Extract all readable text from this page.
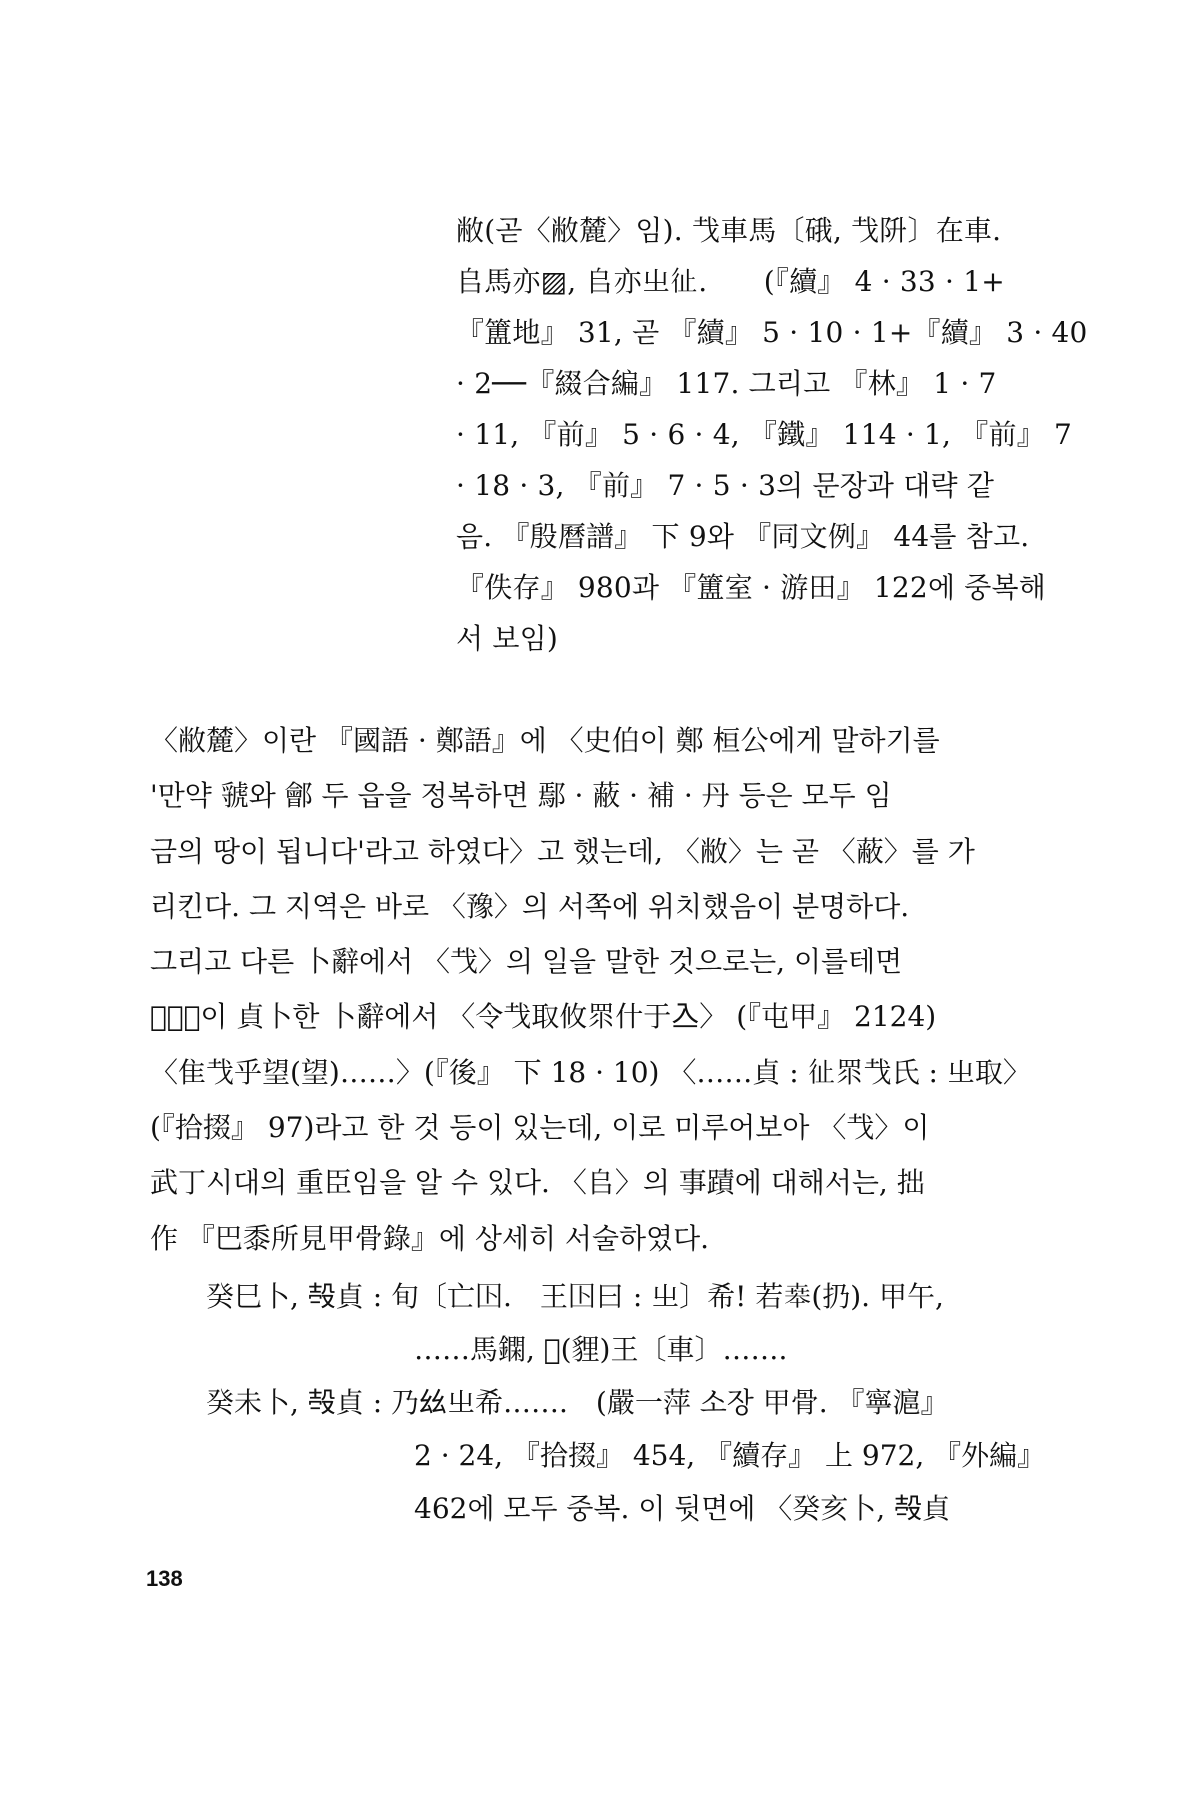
敝(곧〈敝麓〉임). 𢦏車馬〔硪, 𢦏阩〕在車.
𠂤馬亦▨, 𠂤亦㞢𢓊.　　(『續』 4 · 33 · 1+
『簠地』 31, 곧 『續』 5 · 10 · 1+『續』 3 · 40
· 2──『綴合編』 117. 그리고 『林』 1 · 7
· 11, 『前』 5 · 6 · 4, 『鐵』 114 · 1, 『前』 7
· 18 · 3, 『前』 7 · 5 · 3의 문장과 대략 같
음. 『殷曆譜』 下 9와 『同文例』 44를 참고.
『佚存』 980과 『簠室 · 游田』 122에 중복해
서 보임)
〈敝麓〉이란 『國語 · 鄭語』에 〈史伯이 鄭 桓公에게 말하기를
'만약 虢와 鄶 두 읍을 정복하면 鄢 · 蔽 · 補 · 丹 등은 모두 임
금의 땅이 됩니다'라고 하였다〉고 했는데, 〈敝〉는 곧 〈蔽〉를 가
리킨다. 그 지역은 바로 〈豫〉의 서쪽에 위치했음이 분명하다.
그리고 다른 卜辭에서 〈𢦏〉의 일을 말한 것으로는, 이를테면
〈𦎫〉이 貞卜한 卜辭에서 〈令𢦏取攸眔什于𠓛〉 (『屯甲』 2124)
〈隹𢦏乎望(望)……〉(『後』 下 18 · 10) 〈……貞 : 𢓊眔𢦏氏 : 㞢取〉
(『拾掇』 97)라고 한 것 등이 있는데, 이로 미루어보아 〈𢦏〉이
武丁시대의 重臣임을 알 수 있다. 〈𠂤〉의 事蹟에 대해서는, 拙
作 『巴黍所見甲骨錄』에 상세히 서술하였다.
癸巳卜, 𣪊貞 : 旬〔亡𡆥.　王𡆥曰 : 㞢〕希! 若𠦪(扔). 甲午,
……馬䥜, 𤠋(貍)王〔車〕…….
癸未卜, 𣪊貞 : 乃𢆶㞢希…….　(嚴一萍 소장 甲骨. 『寧滬』
2 · 24, 『拾掇』 454, 『續存』 上 972, 『外編』
462에 모두 중복. 이 뒷면에 〈癸亥卜, 𣪊貞
138
